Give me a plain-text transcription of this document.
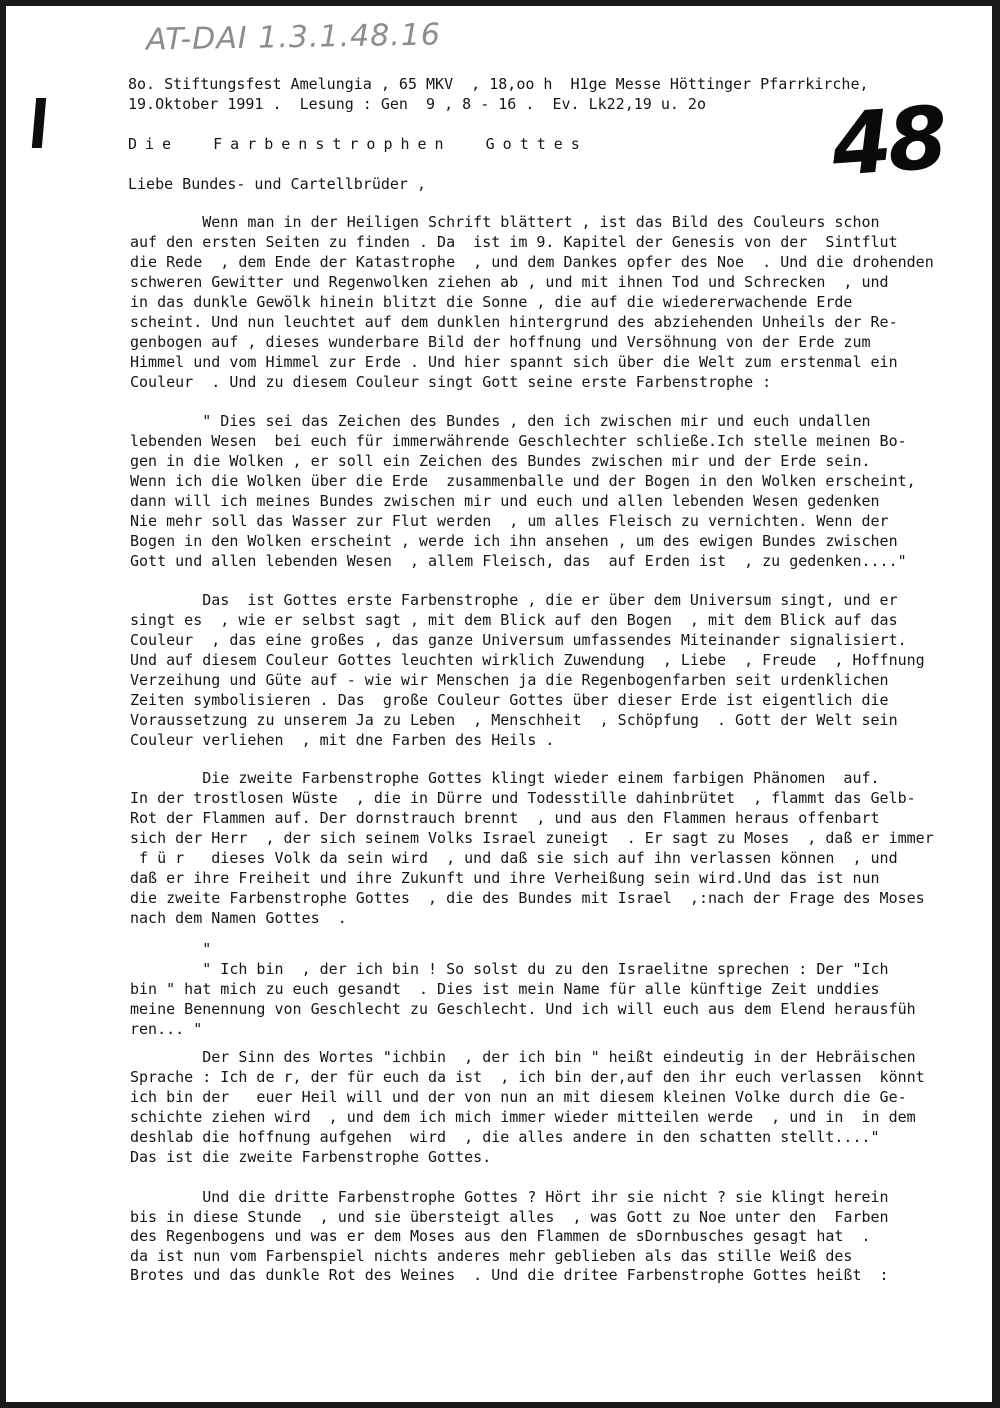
AT-DAI 1.3.1.48.16

48

8o. Stiftungsfest Amelungia , 65 MKV  , 18,oo h  H1ge Messe Höttinger Pfarrkirche,

19.Oktober 1991 .  Lesung : Gen  9 , 8 - 16 .  Ev. Lk22,19 u. 2o

Die  Farbenstrophen  Gottes

Liebe Bundes- und Cartellbrüder ,

Wenn man in der Heiligen Schrift blättert , ist das Bild des Couleurs schon

auf den ersten Seiten zu finden . Da  ist im 9. Kapitel der Genesis von der  Sintflut

die Rede  , dem Ende der Katastrophe  , und dem Dankes opfer des Noe  . Und die drohenden

schweren Gewitter und Regenwolken ziehen ab , und mit ihnen Tod und Schrecken  , und

in das dunkle Gewölk hinein blitzt die Sonne , die auf die wiedererwachende Erde

scheint. Und nun leuchtet auf dem dunklen hintergrund des abziehenden Unheils der Re-

genbogen auf , dieses wunderbare Bild der hoffnung und Versöhnung von der Erde zum

Himmel und vom Himmel zur Erde . Und hier spannt sich über die Welt zum erstenmal ein

Couleur  . Und zu diesem Couleur singt Gott seine erste Farbenstrophe :

" Dies sei das Zeichen des Bundes , den ich zwischen mir und euch undallen

lebenden Wesen  bei euch für immerwährende Geschlechter schließe.Ich stelle meinen Bo-

gen in die Wolken , er soll ein Zeichen des Bundes zwischen mir und der Erde sein.

Wenn ich die Wolken über die Erde  zusammenballe und der Bogen in den Wolken erscheint,

dann will ich meines Bundes zwischen mir und euch und allen lebenden Wesen gedenken

Nie mehr soll das Wasser zur Flut werden  , um alles Fleisch zu vernichten. Wenn der

Bogen in den Wolken erscheint , werde ich ihn ansehen , um des ewigen Bundes zwischen

Gott und allen lebenden Wesen  , allem Fleisch, das  auf Erden ist  , zu gedenken...."

Das  ist Gottes erste Farbenstrophe , die er über dem Universum singt, und er

singt es  , wie er selbst sagt , mit dem Blick auf den Bogen  , mit dem Blick auf das

Couleur  , das eine großes , das ganze Universum umfassendes Miteinander signalisiert.

Und auf diesem Couleur Gottes leuchten wirklich Zuwendung  , Liebe  , Freude  , Hoffnung

Verzeihung und Güte auf - wie wir Menschen ja die Regenbogenfarben seit urdenklichen

Zeiten symbolisieren . Das  große Couleur Gottes über dieser Erde ist eigentlich die

Voraussetzung zu unserem Ja zu Leben  , Menschheit  , Schöpfung  . Gott der Welt sein

Couleur verliehen  , mit dne Farben des Heils .

Die zweite Farbenstrophe Gottes klingt wieder einem farbigen Phänomen  auf.

In der trostlosen Wüste  , die in Dürre und Todesstille dahinbrütet  , flammt das Gelb-

Rot der Flammen auf. Der dornstrauch brennt  , und aus den Flammen heraus offenbart

sich der Herr  , der sich seinem Volks Israel zuneigt  . Er sagt zu Moses  , daß er immer

f ü r   dieses Volk da sein wird  , und daß sie sich auf ihn verlassen können  , und

daß er ihre Freiheit und ihre Zukunft und ihre Verheißung sein wird.Und das ist nun

die zweite Farbenstrophe Gottes  , die des Bundes mit Israel  ,:nach der Frage des Moses

nach dem Namen Gottes  .

"

" Ich bin  , der ich bin ! So solst du zu den Israelitne sprechen : Der "Ich

bin " hat mich zu euch gesandt  . Dies ist mein Name für alle künftige Zeit unddies

meine Benennung von Geschlecht zu Geschlecht. Und ich will euch aus dem Elend herausfüh

ren... "

Der Sinn des Wortes "ichbin  , der ich bin " heißt eindeutig in der Hebräischen

Sprache : Ich de r, der für euch da ist  , ich bin der,auf den ihr euch verlassen  könnt

ich bin der   euer Heil will und der von nun an mit diesem kleinen Volke durch die Ge-

schichte ziehen wird  , und dem ich mich immer wieder mitteilen werde  , und in  in dem

deshlab die hoffnung aufgehen  wird  , die alles andere in den schatten stellt...."

Das ist die zweite Farbenstrophe Gottes.

Und die dritte Farbenstrophe Gottes ? Hört ihr sie nicht ? sie klingt herein

bis in diese Stunde  , und sie übersteigt alles  , was Gott zu Noe unter den  Farben

des Regenbogens und was er dem Moses aus den Flammen de sDornbusches gesagt hat  .

da ist nun vom Farbenspiel nichts anderes mehr geblieben als das stille Weiß des

Brotes und das dunkle Rot des Weines  . Und die dritee Farbenstrophe Gottes heißt  :
